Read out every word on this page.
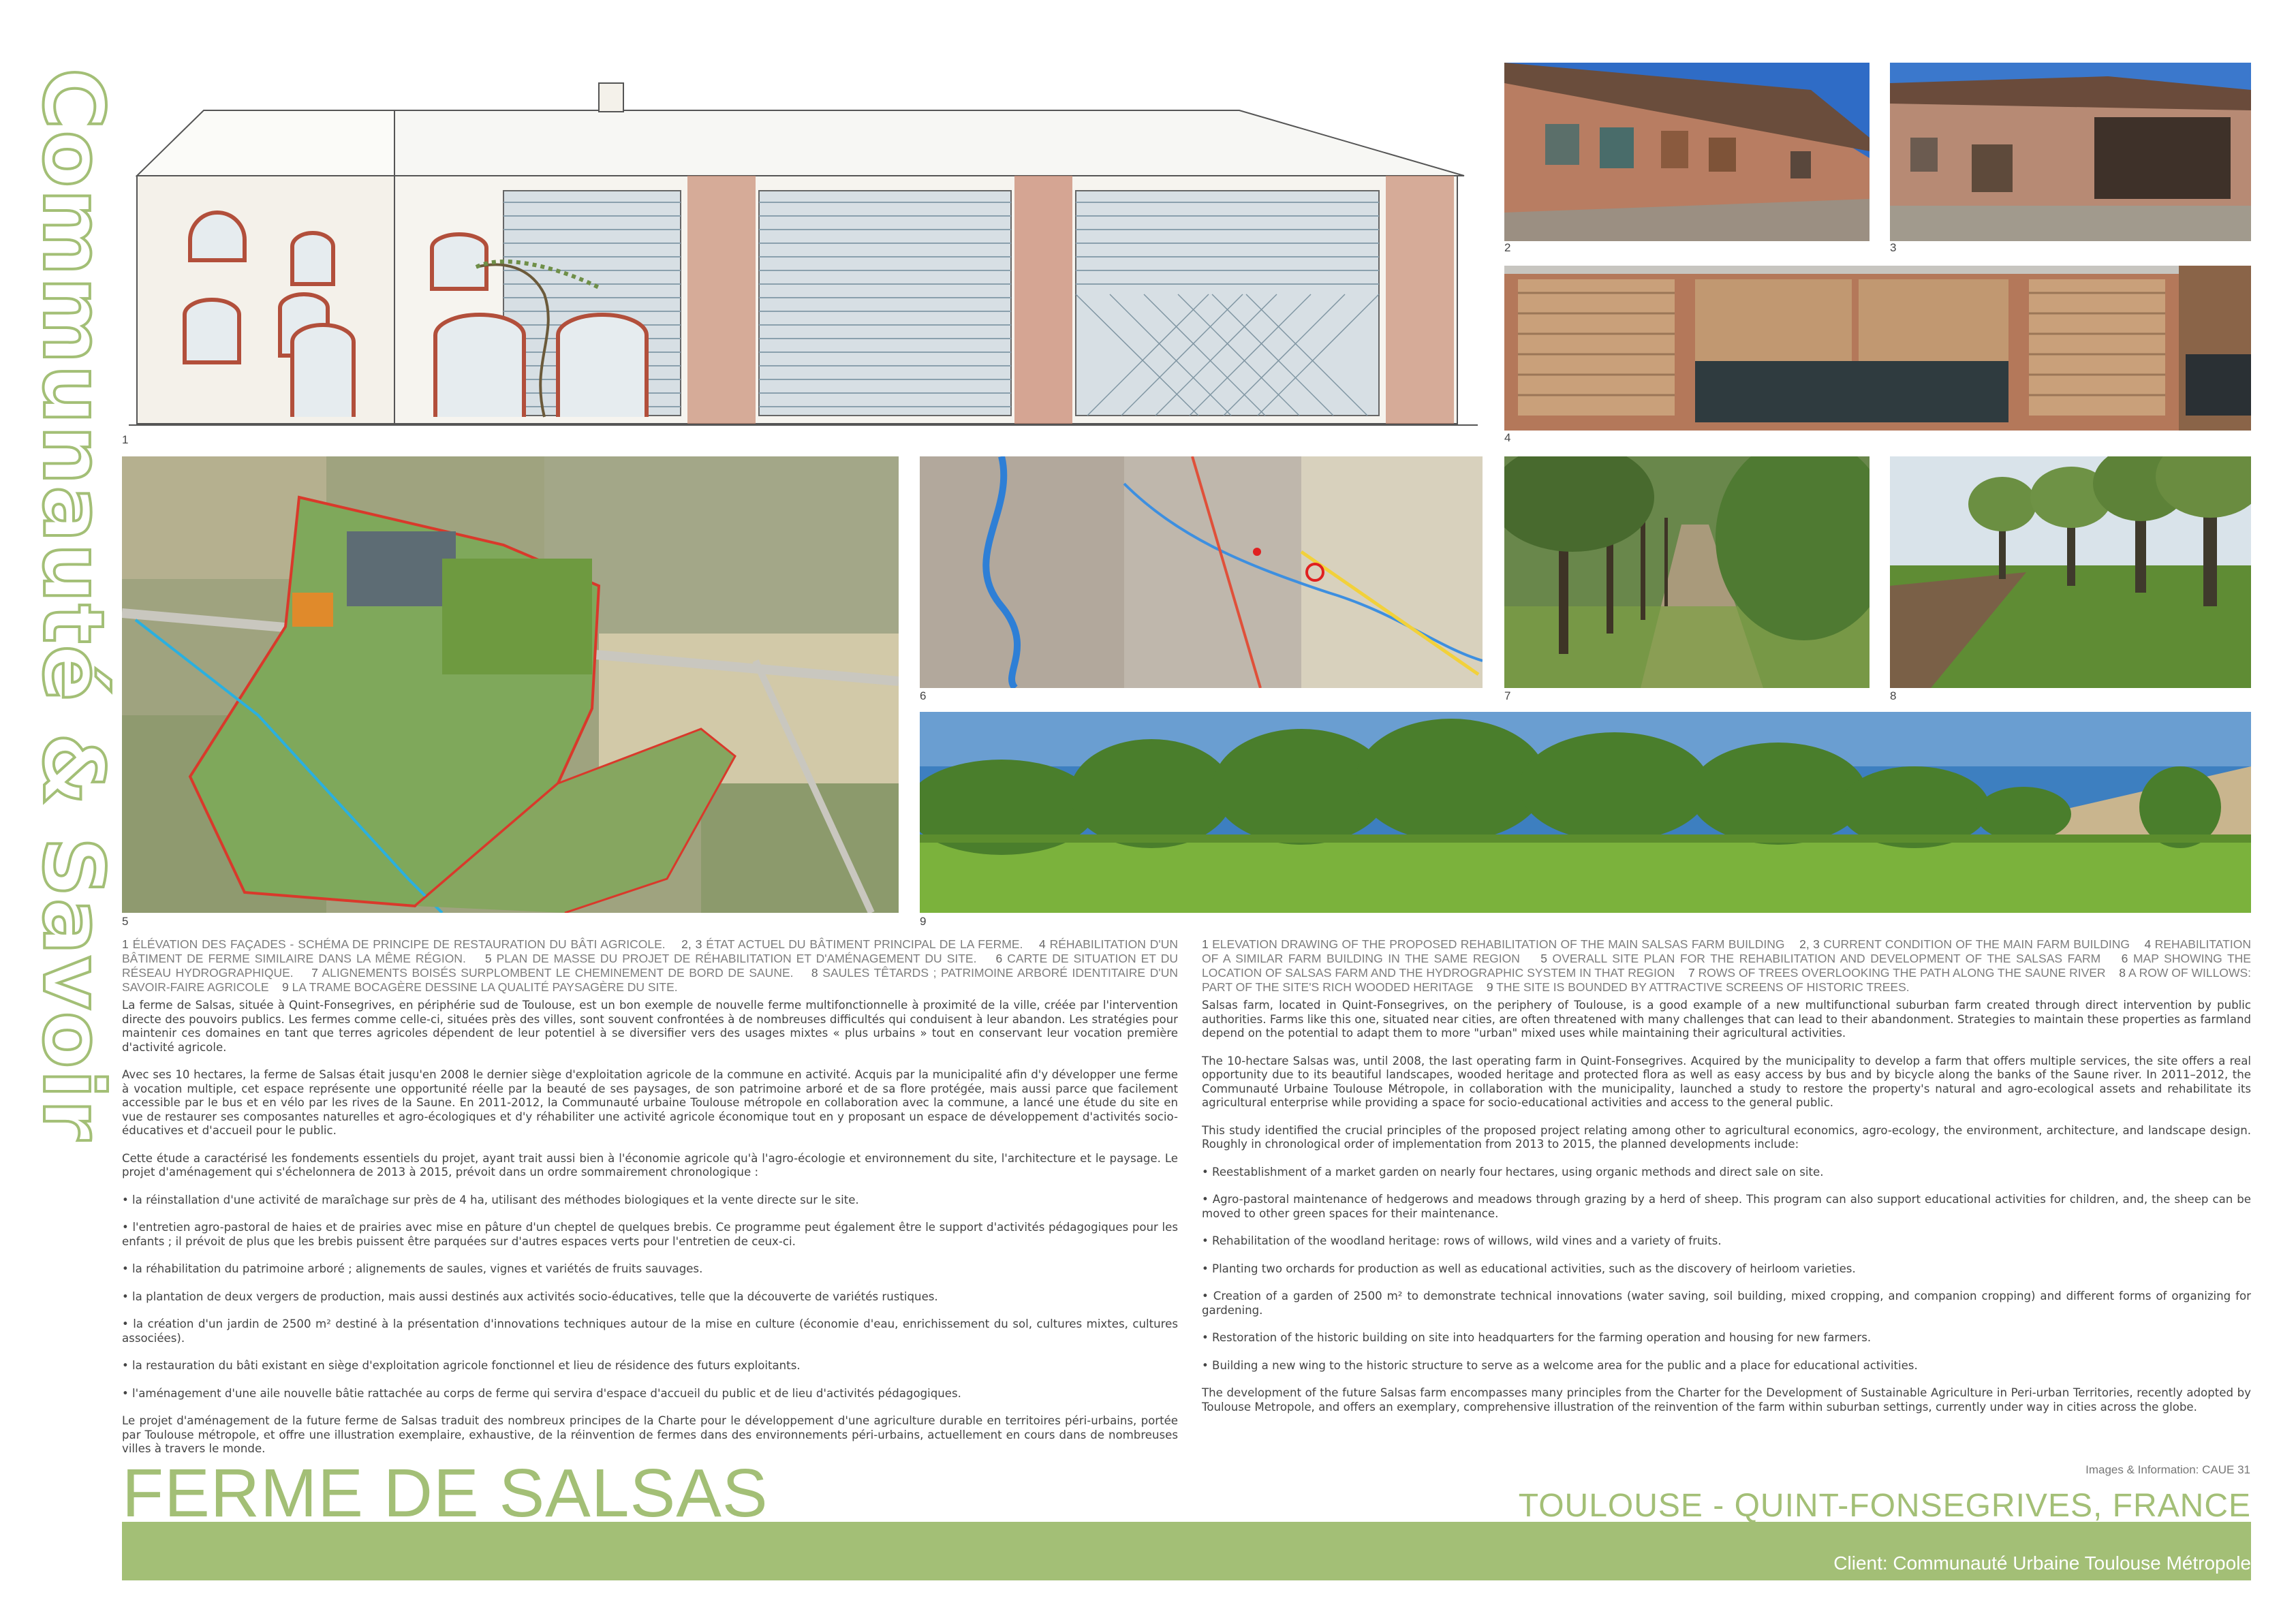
Communauté & Savoir 1
2	3
4
5
6	7	8
9
1 ÉLÉVATION DES FAÇADES - SCHÉMA DE PRINCIPE DE RESTAURATION DU BÂTI AGRICOLE. 2, 3 ÉTAT ACTUEL DU BÂTIMENT PRINCIPAL DE LA FERME. 4 RÉHABILITATION D'UN BÂTIMENT DE FERME SIMILAIRE DANS LA MÊME RÉGION. 5 PLAN DE MASSE DU PROJET DE RÉHABILITATION ET D'AMÉNAGEMENT DU SITE. 6 CARTE DE SITUATION ET DU RÉSEAU HYDROGRAPHIQUE. 7 ALIGNEMENTS BOISÉS SURPLOMBENT LE CHEMINEMENT DE BORD DE SAUNE. 8 SAULES TÊTARDS ; PATRIMOINE ARBORÉ IDENTITAIRE D'UN SAVOIR-FAIRE AGRICOLE 9 LA TRAME BOCAGÈRE DESSINE LA QUALITÉ PAYSAGÈRE DU SITE.
1 ELEVATION DRAWING OF THE PROPOSED REHABILITATION OF THE MAIN SALSAS FARM BUILDING 2, 3 CURRENT CONDITION OF THE MAIN FARM BUILDING 4 REHABILITATION OF A SIMILAR FARM BUILDING IN THE SAME REGION 5 OVERALL SITE PLAN FOR THE REHABILITATION AND DEVELOPMENT OF THE SALSAS FARM 6 MAP SHOWING THE LOCATION OF SALSAS FARM AND THE HYDROGRAPHIC SYSTEM IN THAT REGION 7 ROWS OF TREES OVERLOOKING THE PATH ALONG THE SAUNE RIVER 8 A ROW OF WILLOWS: PART OF THE SITE'S RICH WOODED HERITAGE 9 THE SITE IS BOUNDED BY ATTRACTIVE SCREENS OF HISTORIC TREES.

La ferme de Salsas, située à Quint-Fonsegrives, en périphérie sud de Toulouse, est un bon exemple de nouvelle ferme multifonctionnelle à proximité de la ville, créée par l'intervention directe des pouvoirs publics. Les fermes comme celle-ci, situées près des villes, sont souvent confrontées à de nombreuses difficultés qui conduisent à leur abandon. Les stratégies pour maintenir ces domaines en tant que terres agricoles dépendent de leur potentiel à se diversifier vers des usages mixtes « plus urbains » tout en conservant leur vocation première d'activité agricole.

Avec ses 10 hectares, la ferme de Salsas était jusqu'en 2008 le dernier siège d'exploitation agricole de la commune en activité. Acquis par la municipalité afin d'y développer une ferme à vocation multiple, cet espace représente une opportunité réelle par la beauté de ses paysages, de son patrimoine arboré et de sa flore protégée, mais aussi parce que facilement accessible par le bus et en vélo par les rives de la Saune. En 2011-2012, la Communauté urbaine Toulouse métropole en collaboration avec la commune, a lancé une étude du site en vue de restaurer ses composantes naturelles et agro-écologiques et d'y réhabiliter une activité agricole économique tout en y proposant un espace de développement d'activités socio-éducatives et d'accueil pour le public.

Cette étude a caractérisé les fondements essentiels du projet, ayant trait aussi bien à l'économie agricole qu'à l'agro-écologie et environnement du site, l'architecture et le paysage. Le projet d'aménagement qui s'échelonnera de 2013 à 2015, prévoit dans un ordre sommairement chronologique :

• la réinstallation d'une activité de maraîchage sur près de 4 ha, utilisant des méthodes biologiques et la vente directe sur le site.

• l'entretien agro-pastoral de haies et de prairies avec mise en pâture d'un cheptel de quelques brebis. Ce programme peut également être le support d'activités pédagogiques pour les enfants ; il prévoit de plus que les brebis puissent être parquées sur d'autres espaces verts pour l'entretien de ceux-ci.

• la réhabilitation du patrimoine arboré ; alignements de saules, vignes et variétés de fruits sauvages.

• la plantation de deux vergers de production, mais aussi destinés aux activités socio-éducatives, telle que la découverte de variétés rustiques.

• la création d'un jardin de 2500 m² destiné à la présentation d'innovations techniques autour de la mise en culture (économie d'eau, enrichissement du sol, cultures mixtes, cultures associées).

• la restauration du bâti existant en siège d'exploitation agricole fonctionnel et lieu de résidence des futurs exploitants.

• l'aménagement d'une aile nouvelle bâtie rattachée au corps de ferme qui servira d'espace d'accueil du public et de lieu d'activités pédagogiques.

Le projet d'aménagement de la future ferme de Salsas traduit des nombreux principes de la Charte pour le développement d'une agriculture durable en territoires péri-urbains, portée par Toulouse métropole, et offre une illustration exemplaire, exhaustive, de la réinvention de fermes dans des environnements péri-urbains, actuellement en cours dans de nombreuses villes à travers le monde.

Salsas farm, located in Quint-Fonsegrives, on the periphery of Toulouse, is a good example of a new multifunctional suburban farm created through direct intervention by public authorities. Farms like this one, situated near cities, are often threatened with many challenges that can lead to their abandonment. Strategies to maintain these properties as farmland depend on the potential to adapt them to more "urban" mixed uses while maintaining their agricultural activities.

The 10-hectare Salsas was, until 2008, the last operating farm in Quint-Fonsegrives. Acquired by the municipality to develop a farm that offers multiple services, the site offers a real opportunity due to its beautiful landscapes, wooded heritage and protected flora as well as easy access by bus and by bicycle along the banks of the Saune river. In 2011–2012, the Communauté Urbaine Toulouse Métropole, in collaboration with the municipality, launched a study to restore the property's natural and agro-ecological assets and rehabilitate its agricultural enterprise while providing a space for socio-educational activities and access to the general public.

This study identified the crucial principles of the proposed project relating among other to agricultural economics, agro-ecology, the environment, architecture, and landscape design. Roughly in chronological order of implementation from 2013 to 2015, the planned developments include:

• Reestablishment of a market garden on nearly four hectares, using organic methods and direct sale on site.

• Agro-pastoral maintenance of hedgerows and meadows through grazing by a herd of sheep. This program can also support educational activities for children, and, the sheep can be moved to other green spaces for their maintenance.

• Rehabilitation of the woodland heritage: rows of willows, wild vines and a variety of fruits.

• Planting two orchards for production as well as educational activities, such as the discovery of heirloom varieties.

• Creation of a garden of 2500 m² to demonstrate technical innovations (water saving, soil building, mixed cropping, and companion cropping) and different forms of organizing for gardening.

• Restoration of the historic building on site into headquarters for the farming operation and housing for new farmers.

• Building a new wing to the historic structure to serve as a welcome area for the public and a place for educational activities.

The development of the future Salsas farm encompasses many principles from the Charter for the Development of Sustainable Agriculture in Peri-urban Territories, recently adopted by Toulouse Metropole, and offers an exemplary, comprehensive illustration of the reinvention of the farm within suburban settings, currently under way in cities across the globe.

Images & Information: CAUE 31
FERME DE SALSAS	TOULOUSE - QUINT-FONSEGRIVES, FRANCE
Client: Communauté Urbaine Toulouse Métropole
